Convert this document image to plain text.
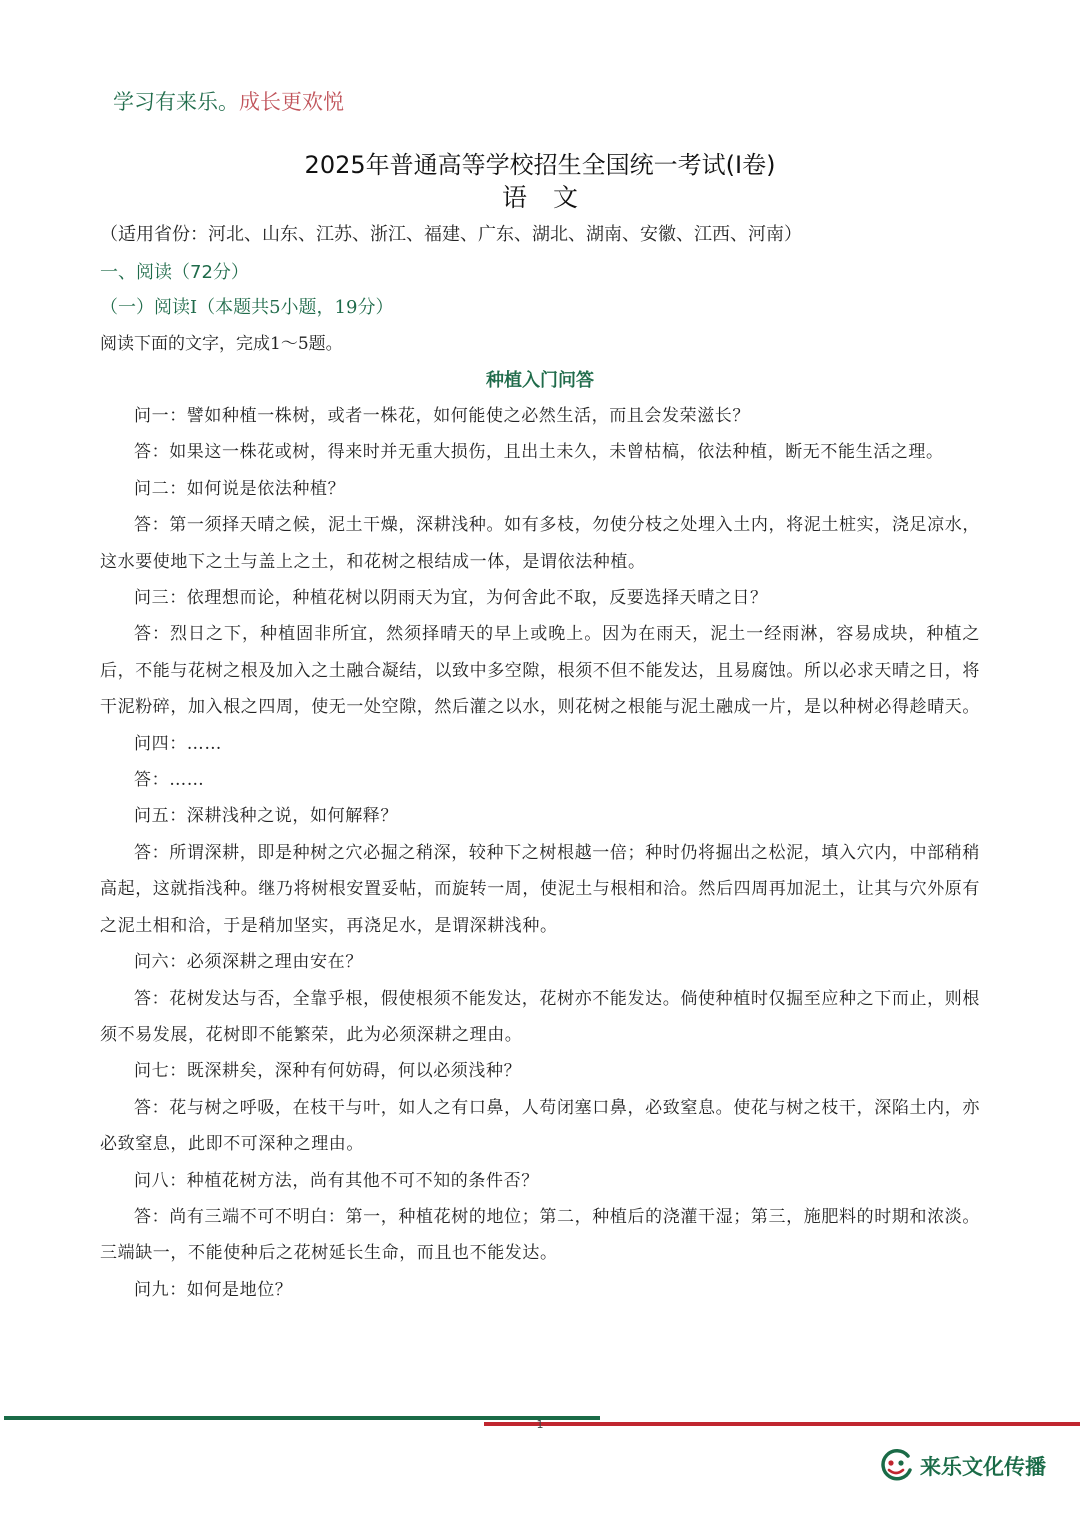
学习有来乐。成长更欢悦
2025年普通高等学校招生全国统一考试(Ⅰ卷)
语文
（适用省份：河北、山东、江苏、浙江、福建、广东、湖北、湖南、安徽、江西、河南）
一、阅读（72分）
（一）阅读Ⅰ（本题共5小题，19分）
阅读下面的文字，完成1～5题。
种植入门问答

问一：譬如种植一株树，或者一株花，如何能使之必然生活，而且会发荣滋长？

答：如果这一株花或树，得来时并无重大损伤，且出土未久，未曾枯槁，依法种植，断无不能生活之理。

问二：如何说是依法种植？

答：第一须择天晴之候，泥土干燥，深耕浅种。如有多枝，勿使分枝之处埋入土内，将泥土桩实，浇足凉水，这水要使地下之土与盖上之土，和花树之根结成一体，是谓依法种植。

问三：依理想而论，种植花树以阴雨天为宜，为何舍此不取，反要选择天晴之日？

答：烈日之下，种植固非所宜，然须择晴天的早上或晚上。因为在雨天，泥土一经雨淋，容易成块，种植之后，不能与花树之根及加入之土融合凝结，以致中多空隙，根须不但不能发达，且易腐蚀。所以必求天晴之日，将干泥粉碎，加入根之四周，使无一处空隙，然后灌之以水，则花树之根能与泥土融成一片，是以种树必得趁晴天。

问四：……

答：……

问五：深耕浅种之说，如何解释？

答：所谓深耕，即是种树之穴必掘之稍深，较种下之树根越一倍；种时仍将掘出之松泥，填入穴内，中部稍稍高起，这就指浅种。继乃将树根安置妥帖，而旋转一周，使泥土与根相和洽。然后四周再加泥土，让其与穴外原有之泥土相和洽，于是稍加坚实，再浇足水，是谓深耕浅种。

问六：必须深耕之理由安在？

答：花树发达与否，全靠乎根，假使根须不能发达，花树亦不能发达。倘使种植时仅掘至应种之下而止，则根须不易发展，花树即不能繁荣，此为必须深耕之理由。

问七：既深耕矣，深种有何妨碍，何以必须浅种？

答：花与树之呼吸，在枝干与叶，如人之有口鼻，人苟闭塞口鼻，必致窒息。使花与树之枝干，深陷土内，亦必致窒息，此即不可深种之理由。

问八：种植花树方法，尚有其他不可不知的条件否？

答：尚有三端不可不明白：第一，种植花树的地位；第二，种植后的浇灌干湿；第三，施肥料的时期和浓淡。三端缺一，不能使种后之花树延长生命，而且也不能发达。

问九：如何是地位？

1
来乐文化传播
